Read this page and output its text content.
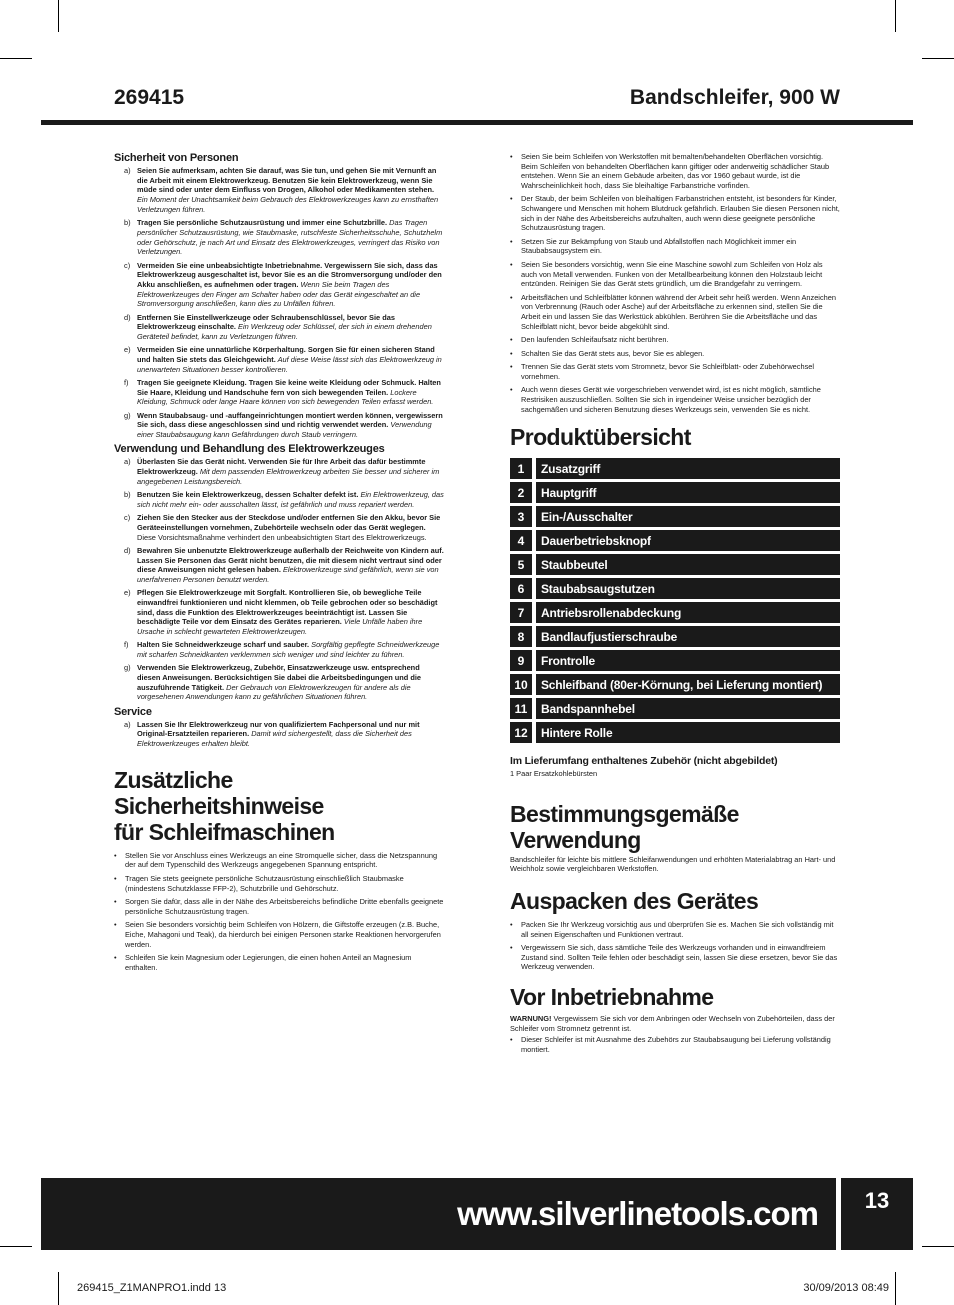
269415	Bandschleifer, 900 W
Sicherheit von Personen
a) Seien Sie aufmerksam, achten Sie darauf, was Sie tun, und gehen Sie mit Vernunft an die Arbeit mit einem Elektrowerkzeug. Benutzen Sie kein Elektrowerkzeug, wenn Sie müde sind oder unter dem Einfluss von Drogen, Alkohol oder Medikamenten stehen. Ein Moment der Unachtsamkeit beim Gebrauch des Elektrowerkzeuges kann zu ernsthaften Verletzungen führen.
b) Tragen Sie persönliche Schutzausrüstung und immer eine Schutzbrille. Das Tragen persönlicher Schutzausrüstung, wie Staubmaske, rutschfeste Sicherheitsschuhe, Schutzhelm oder Gehörschutz, je nach Art und Einsatz des Elektrowerkzeuges, verringert das Risiko von Verletzungen.
c) Vermeiden Sie eine unbeabsichtigte Inbetriebnahme. Vergewissern Sie sich, dass das Elektrowerkzeug ausgeschaltet ist, bevor Sie es an die Stromversorgung und/oder den Akku anschließen, es aufnehmen oder tragen. Wenn Sie beim Tragen des Elektrowerkzeuges den Finger am Schalter haben oder das Gerät eingeschaltet an die Stromversorgung anschließen, kann dies zu Unfällen führen.
d) Entfernen Sie Einstellwerkzeuge oder Schraubenschlüssel, bevor Sie das Elektrowerkzeug einschalte. Ein Werkzeug oder Schlüssel, der sich in einem drehenden Geräteteil befindet, kann zu Verletzungen führen.
e) Vermeiden Sie eine unnatürliche Körperhaltung. Sorgen Sie für einen sicheren Stand und halten Sie stets das Gleichgewicht. Auf diese Weise lässt sich das Elektrowerkzeug in unerwarteten Situationen besser kontrollieren.
f) Tragen Sie geeignete Kleidung. Tragen Sie keine weite Kleidung oder Schmuck. Halten Sie Haare, Kleidung und Handschuhe fern von sich bewegenden Teilen. Lockere Kleidung, Schmuck oder lange Haare können von sich bewegenden Teilen erfasst werden.
g) Wenn Staubabsaug- und -auffangeinrichtungen montiert werden können, vergewissern Sie sich, dass diese angeschlossen sind und richtig verwendet werden. Verwendung einer Staubabsaugung kann Gefährdungen durch Staub verringern.
Verwendung und Behandlung des Elektrowerkzeuges
a) Überlasten Sie das Gerät nicht. Verwenden Sie für Ihre Arbeit das dafür bestimmte Elektrowerkzeug. Mit dem passenden Elektrowerkzeug arbeiten Sie besser und sicherer im angegebenen Leistungsbereich.
b) Benutzen Sie kein Elektrowerkzeug, dessen Schalter defekt ist. Ein Elektrowerkzeug, das sich nicht mehr ein- oder ausschalten lässt, ist gefährlich und muss repariert werden.
c) Ziehen Sie den Stecker aus der Steckdose und/oder entfernen Sie den Akku, bevor Sie Geräteeinstellungen vornehmen, Zubehörteile wechseln oder das Gerät weglegen. Diese Vorsichtsmaßnahme verhindert den unbeabsichtigten Start des Elektrowerkzeugs.
d) Bewahren Sie unbenutzte Elektrowerkzeuge außerhalb der Reichweite von Kindern auf. Lassen Sie Personen das Gerät nicht benutzen, die mit diesem nicht vertraut sind oder diese Anweisungen nicht gelesen haben. Elektrowerkzeuge sind gefährlich, wenn sie von unerfahrenen Personen benutzt werden.
e) Pflegen Sie Elektrowerkzeuge mit Sorgfalt. Kontrollieren Sie, ob bewegliche Teile einwandfrei funktionieren und nicht klemmen, ob Teile gebrochen oder so beschädigt sind, dass die Funktion des Elektrowerkzeuges beeinträchtigt ist. Lassen Sie beschädigte Teile vor dem Einsatz des Gerätes reparieren. Viele Unfälle haben ihre Ursache in schlecht gewarteten Elektrowerkzeugen.
f) Halten Sie Schneidwerkzeuge scharf und sauber. Sorgfältig gepflegte Schneidwerkzeuge mit scharfen Schneidkanten verklemmen sich weniger und sind leichter zu führen.
g) Verwenden Sie Elektrowerkzeug, Zubehör, Einsatzwerkzeuge usw. entsprechend diesen Anweisungen. Berücksichtigen Sie dabei die Arbeitsbedingungen und die auszuführende Tätigkeit. Der Gebrauch von Elektrowerkzeugen für andere als die vorgesehenen Anwendungen kann zu gefährlichen Situationen führen.
Service
a) Lassen Sie Ihr Elektrowerkzeug nur von qualifiziertem Fachpersonal und nur mit Original-Ersatzteilen reparieren. Damit wird sichergestellt, dass die Sicherheit des Elektrowerkzeuges erhalten bleibt.
Zusätzliche Sicherheitshinweise
für Schleifmaschinen
• Stellen Sie vor Anschluss eines Werkzeugs an eine Stromquelle sicher, dass die Netzspannung der auf dem Typenschild des Werkzeugs angegebenen Spannung entspricht.
• Tragen Sie stets geeignete persönliche Schutzausrüstung einschließlich Staubmaske (mindestens Schutzklasse FFP-2), Schutzbrille und Gehörschutz.
• Sorgen Sie dafür, dass alle in der Nähe des Arbeitsbereichs befindliche Dritte ebenfalls geeignete persönliche Schutzausrüstung tragen.
• Seien Sie besonders vorsichtig beim Schleifen von Hölzern, die Giftstoffe erzeugen (z.B. Buche, Eiche, Mahagoni und Teak), da hierdurch bei einigen Personen starke Reaktionen hervorgerufen werden.
• Schleifen Sie kein Magnesium oder Legierungen, die einen hohen Anteil an Magnesium enthalten.
• Seien Sie beim Schleifen von Werkstoffen mit bemalten/behandelten Oberflächen vorsichtig. Beim Schleifen von behandelten Oberflächen kann giftiger oder anderweitig schädlicher Staub entstehen. Wenn Sie an einem Gebäude arbeiten, das vor 1960 gebaut wurde, ist die Wahrscheinlichkeit hoch, dass Sie bleihaltige Farbanstriche vorfinden.
• Der Staub, der beim Schleifen von bleihaltigen Farbanstrichen entsteht, ist besonders für Kinder, Schwangere und Menschen mit hohem Blutdruck gefährlich. Erlauben Sie diesen Personen nicht, sich in der Nähe des Arbeitsbereichs aufzuhalten, auch wenn diese geeignete persönliche Schutzausrüstung tragen.
• Setzen Sie zur Bekämpfung von Staub und Abfallstoffen nach Möglichkeit immer ein Staubabsaugsystem ein.
• Seien Sie besonders vorsichtig, wenn Sie eine Maschine sowohl zum Schleifen von Holz als auch von Metall verwenden. Funken von der Metallbearbeitung können den Holzstaub leicht entzünden. Reinigen Sie das Gerät stets gründlich, um die Brandgefahr zu verringern.
• Arbeitsflächen und Schleifblätter können während der Arbeit sehr heiß werden. Wenn Anzeichen von Verbrennung (Rauch oder Asche) auf der Arbeitsfläche zu erkennen sind, stellen Sie die Arbeit ein und lassen Sie das Werkstück abkühlen. Berühren Sie die Arbeitsfläche und das Schleifblatt nicht, bevor beide abgekühlt sind.
• Den laufenden Schleifaufsatz nicht berühren.
• Schalten Sie das Gerät stets aus, bevor Sie es ablegen.
• Trennen Sie das Gerät stets vom Stromnetz, bevor Sie Schleifblatt- oder Zubehörwechsel vornehmen.
• Auch wenn dieses Gerät wie vorgeschrieben verwendet wird, ist es nicht möglich, sämtliche Restrisiken auszuschließen. Sollten Sie sich in irgendeiner Weise unsicher bezüglich der sachgemäßen und sicheren Benutzung dieses Werkzeugs sein, verwenden Sie es nicht.
Produktübersicht
1	Zusatzgriff
2	Hauptgriff
3	Ein-/Ausschalter
4	Dauerbetriebsknopf
5	Staubbeutel
6	Staubabsaugstutzen
7	Antriebsrollenabdeckung
8	Bandlaufjustierschraube
9	Frontrolle
10	Schleifband (80er-Körnung, bei Lieferung montiert)
11	Bandspannhebel
12	Hintere Rolle
Im Lieferumfang enthaltenes Zubehör (nicht abgebildet)
1 Paar Ersatzkohlebürsten
Bestimmungsgemäße
Verwendung
Bandschleifer für leichte bis mittlere Schleifanwendungen und erhöhten Materialabtrag an Hart- und Weichholz sowie vergleichbaren Werkstoffen.
Auspacken des Gerätes
• Packen Sie Ihr Werkzeug vorsichtig aus und überprüfen Sie es. Machen Sie sich vollständig mit all seinen Eigenschaften und Funktionen vertraut.
• Vergewissern Sie sich, dass sämtliche Teile des Werkzeugs vorhanden und in einwandfreiem Zustand sind. Sollten Teile fehlen oder beschädigt sein, lassen Sie diese ersetzen, bevor Sie das Werkzeug verwenden.
Vor Inbetriebnahme
WARNUNG! Vergewissern Sie sich vor dem Anbringen oder Wechseln von Zubehörteilen, dass der Schleifer vom Stromnetz getrennt ist.
• Dieser Schleifer ist mit Ausnahme des Zubehörs zur Staubabsaugung bei Lieferung vollständig montiert.
www.silverlinetools.com 13
269415_Z1MANPRO1.indd 13	30/09/2013 08:49
